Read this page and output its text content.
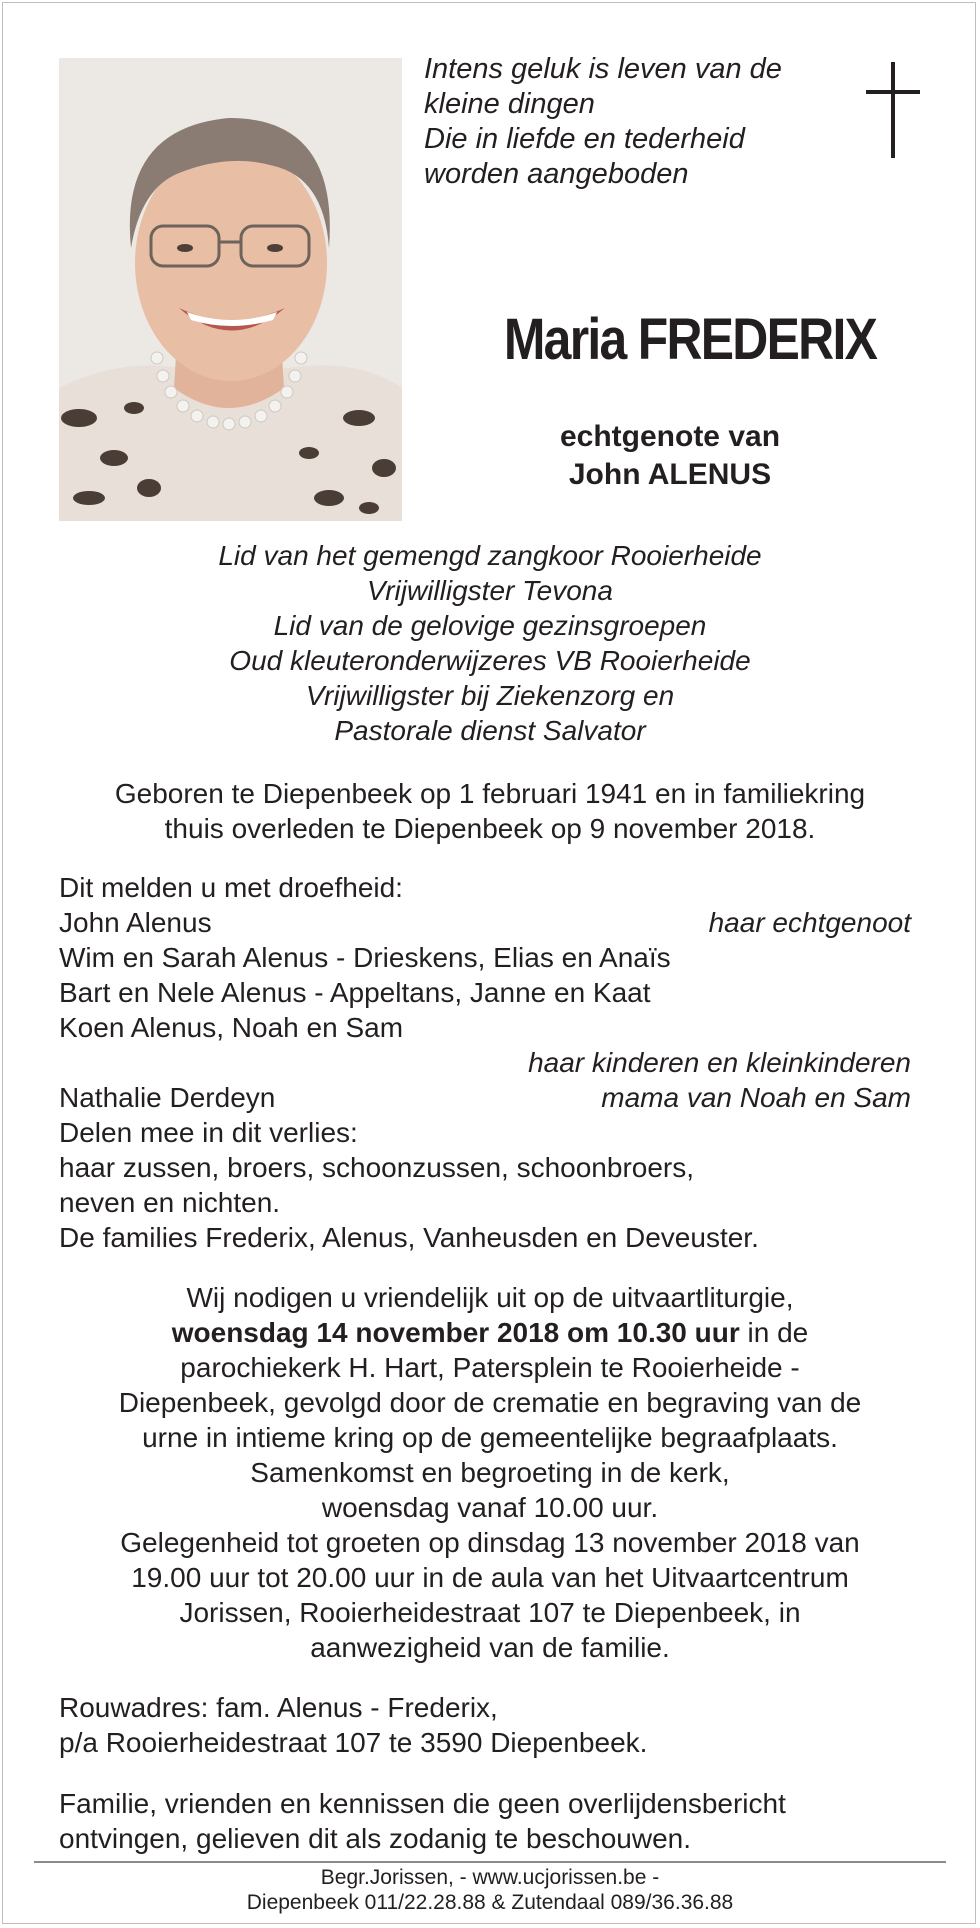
Intens geluk is leven van de
kleine dingen
Die in liefde en tederheid
worden aangeboden
Maria FREDERIX
echtgenote van
John ALENUS
Lid van het gemengd zangkoor Rooierheide
Vrijwilligster Tevona
Lid van de gelovige gezinsgroepen
Oud kleuteronderwijzeres VB Rooierheide
Vrijwilligster bij Ziekenzorg en
Pastorale dienst Salvator
Geboren te Diepenbeek op 1 februari 1941 en in familiekring
thuis overleden te Diepenbeek op 9 november 2018.
Dit melden u met droefheid:
John Alenus	haar echtgenoot
Wim en Sarah Alenus - Drieskens, Elias en Anaïs
Bart en Nele Alenus - Appeltans, Janne en Kaat
Koen Alenus, Noah en Sam
haar kinderen en kleinkinderen
Nathalie Derdeyn	mama van Noah en Sam
Delen mee in dit verlies:
haar zussen, broers, schoonzussen, schoonbroers,
neven en nichten.
De families Frederix, Alenus, Vanheusden en Deveuster.
Wij nodigen u vriendelijk uit op de uitvaartliturgie,
woensdag 14 november 2018 om 10.30 uur in de
parochiekerk H. Hart, Patersplein te Rooierheide -
Diepenbeek, gevolgd door de crematie en begraving van de
urne in intieme kring op de gemeentelijke begraafplaats.
Samenkomst en begroeting in de kerk,
woensdag vanaf 10.00 uur.
Gelegenheid tot groeten op dinsdag 13 november 2018 van
19.00 uur tot 20.00 uur in de aula van het Uitvaartcentrum
Jorissen, Rooierheidestraat 107 te Diepenbeek, in
aanwezigheid van de familie.
Rouwadres: fam. Alenus - Frederix,
p/a Rooierheidestraat 107 te 3590 Diepenbeek.
Familie, vrienden en kennissen die geen overlijdensbericht
ontvingen, gelieven dit als zodanig te beschouwen.
Begr.Jorissen, - www.ucjorissen.be -
Diepenbeek 011/22.28.88 & Zutendaal 089/36.36.88
